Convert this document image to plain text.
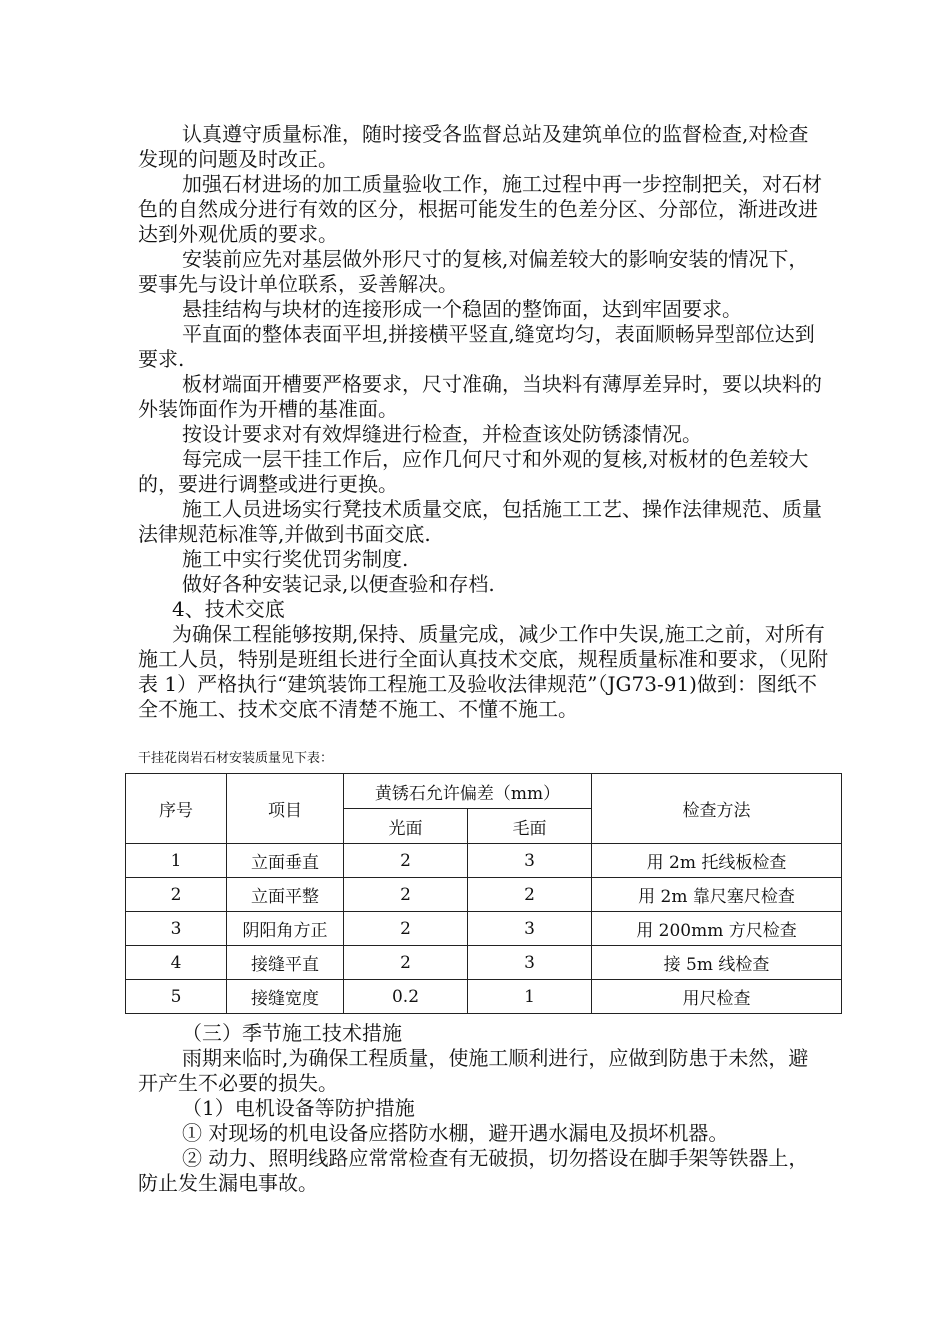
认真遵守质量标准，随时接受各监督总站及建筑单位的监督检查,对检查发现的问题及时改正。

加强石材进场的加工质量验收工作，施工过程中再一步控制把关，对石材色的自然成分进行有效的区分，根据可能发生的色差分区、分部位，渐进改进达到外观优质的要求。

安装前应先对基层做外形尺寸的复核,对偏差较大的影响安装的情况下，要事先与设计单位联系，妥善解决。

悬挂结构与块材的连接形成一个稳固的整饰面，达到牢固要求。

平直面的整体表面平坦,拼接横平竖直,缝宽均匀，表面顺畅异型部位达到要求.

板材端面开槽要严格要求，尺寸准确，当块料有薄厚差异时，要以块料的外装饰面作为开槽的基准面。

按设计要求对有效焊缝进行检查，并检查该处防锈漆情况。

每完成一层干挂工作后，应作几何尺寸和外观的复核,对板材的色差较大的，要进行调整或进行更换。

施工人员进场实行凳技术质量交底，包括施工工艺、操作法律规范、质量法律规范标准等,并做到书面交底.

施工中实行奖优罚劣制度.

做好各种安装记录,以便查验和存档.

4、技术交底

为确保工程能够按期,保持、质量完成，减少工作中失误,施工之前，对所有施工人员，特别是班组长进行全面认真技术交底，规程质量标准和要求，（见附表 1）严格执行“建筑装饰工程施工及验收法律规范”（JG73-91)做到：图纸不全不施工、技术交底不清楚不施工、不懂不施工。

干挂花岗岩石材安装质量见下表：

序号	项目	黄锈石允许偏差（mm）		检查方法
		光面	毛面	
1	立面垂直	2	3	用 2m 托线板检查
2	立面平整	2	2	用 2m 靠尺塞尺检查
3	阴阳角方正	2	3	用 200mm 方尺检查
4	接缝平直	2	3	接 5m 线检查
5	接缝宽度	0.2	1	用尺检查

（三）季节施工技术措施

雨期来临时,为确保工程质量，使施工顺利进行，应做到防患于未然，避开产生不必要的损失。

（1）电机设备等防护措施

① 对现场的机电设备应搭防水棚，避开遇水漏电及损坏机器。

② 动力、照明线路应常常检查有无破损，切勿搭设在脚手架等铁器上，防止发生漏电事故。
